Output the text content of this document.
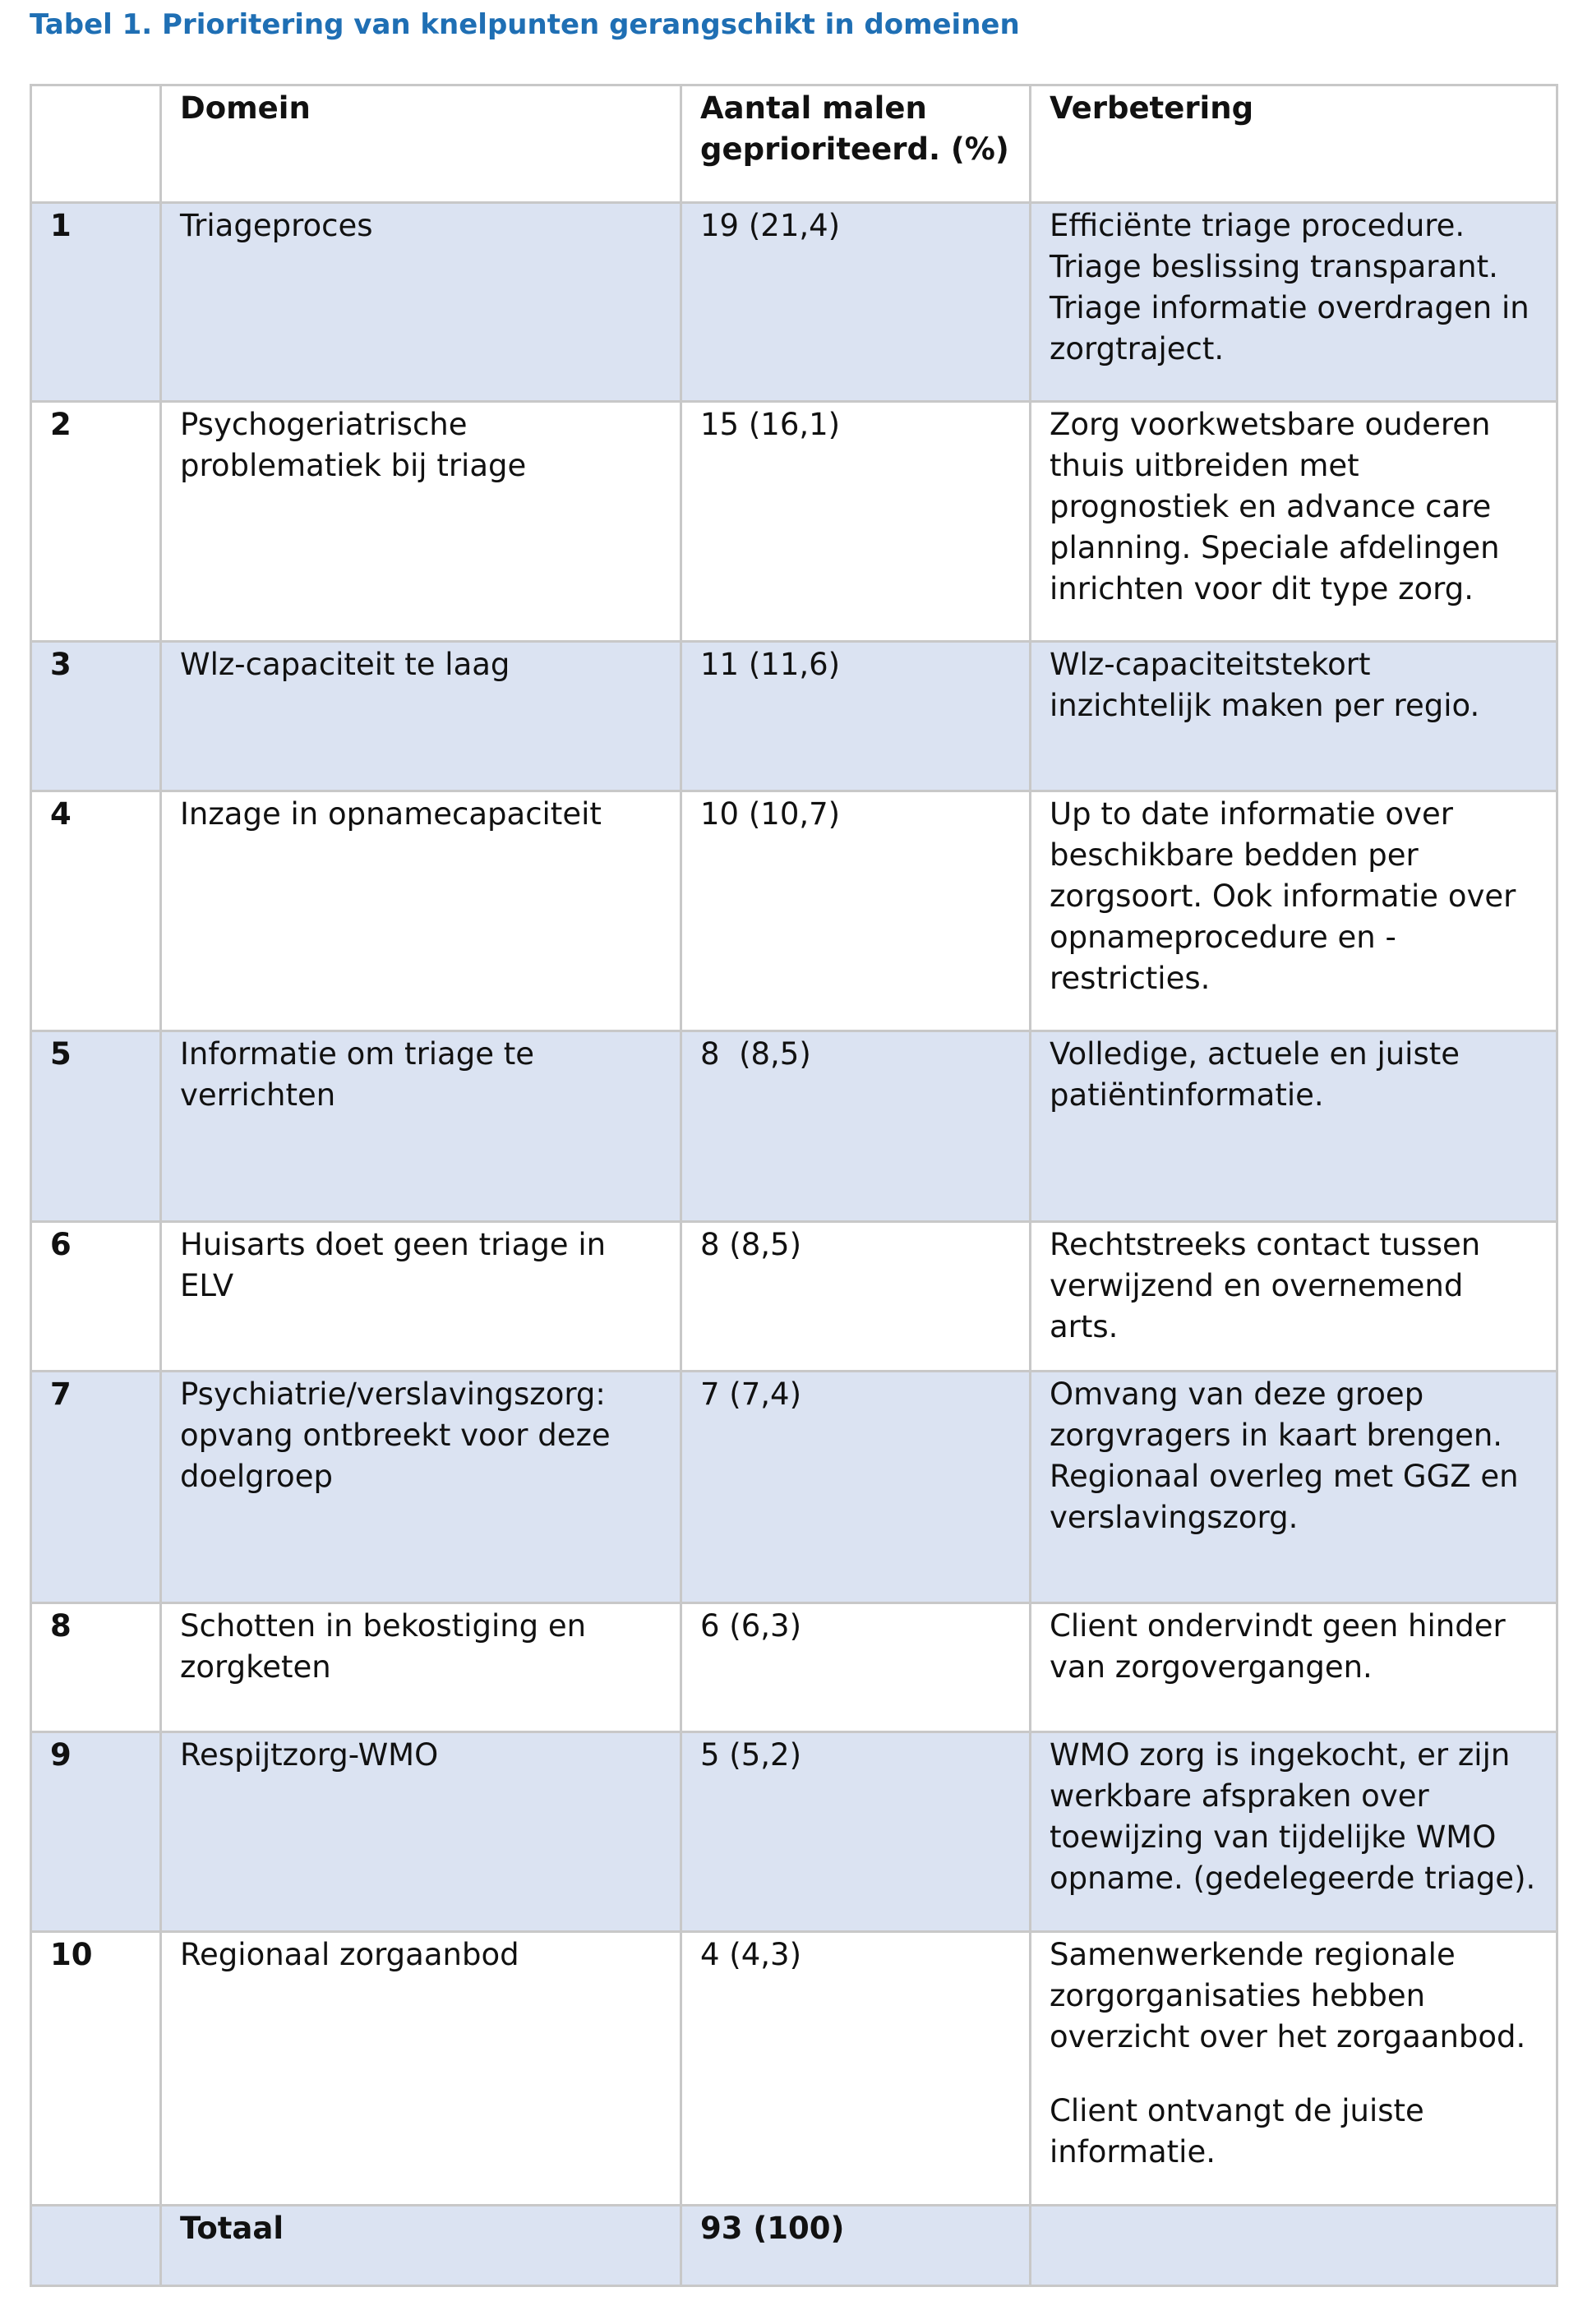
Tabel 1. Prioritering van knelpunten gerangschikt in domeinen
	Domein	Aantal malen geprioriteerd. (%)	Verbetering
1	Triageproces	19 (21,4)	Efficiënte triage procedure. Triage beslissing transparant. Triage informatie overdragen in zorgtraject.

2	Psychogeriatrische problematiek bij triage	15 (16,1)	Zorg voorkwetsbare ouderen thuis uitbreiden met prognostiek en advance care planning. Speciale afdelingen inrichten voor dit type zorg.

3	Wlz-capaciteit te laag	11 (11,6)	Wlz-capaciteitstekort inzichtelijk maken per regio.

4	Inzage in opnamecapaciteit	10 (10,7)	Up to date informatie over beschikbare bedden per zorgsoort. Ook informatie over opnameprocedure en - restricties.

5	Informatie om triage te verrichten	8  (8,5)	Volledige, actuele en juiste patiëntinformatie.

6	Huisarts doet geen triage in ELV	8 (8,5)	Rechtstreeks contact tussen verwijzend en overnemend arts.

7	Psychiatrie/verslavingszorg: opvang ontbreekt voor deze doelgroep	7 (7,4)	Omvang van deze groep zorgvragers in kaart brengen. Regionaal overleg met GGZ en verslavingszorg.

8	Schotten in bekostiging en zorgketen	6 (6,3)	Client ondervindt geen hinder van zorgovergangen.

9	Respijtzorg-WMO	5 (5,2)	WMO zorg is ingekocht, er zijn werkbare afspraken over toewijzing van tijdelijke WMO opname. (gedelegeerde triage).

10	Regionaal zorgaanbod	4 (4,3)	Samenwerkende regionale zorgorganisaties hebben overzicht over het zorgaanbod.

Client ontvangt de juiste informatie.

	Totaal	93 (100)	
